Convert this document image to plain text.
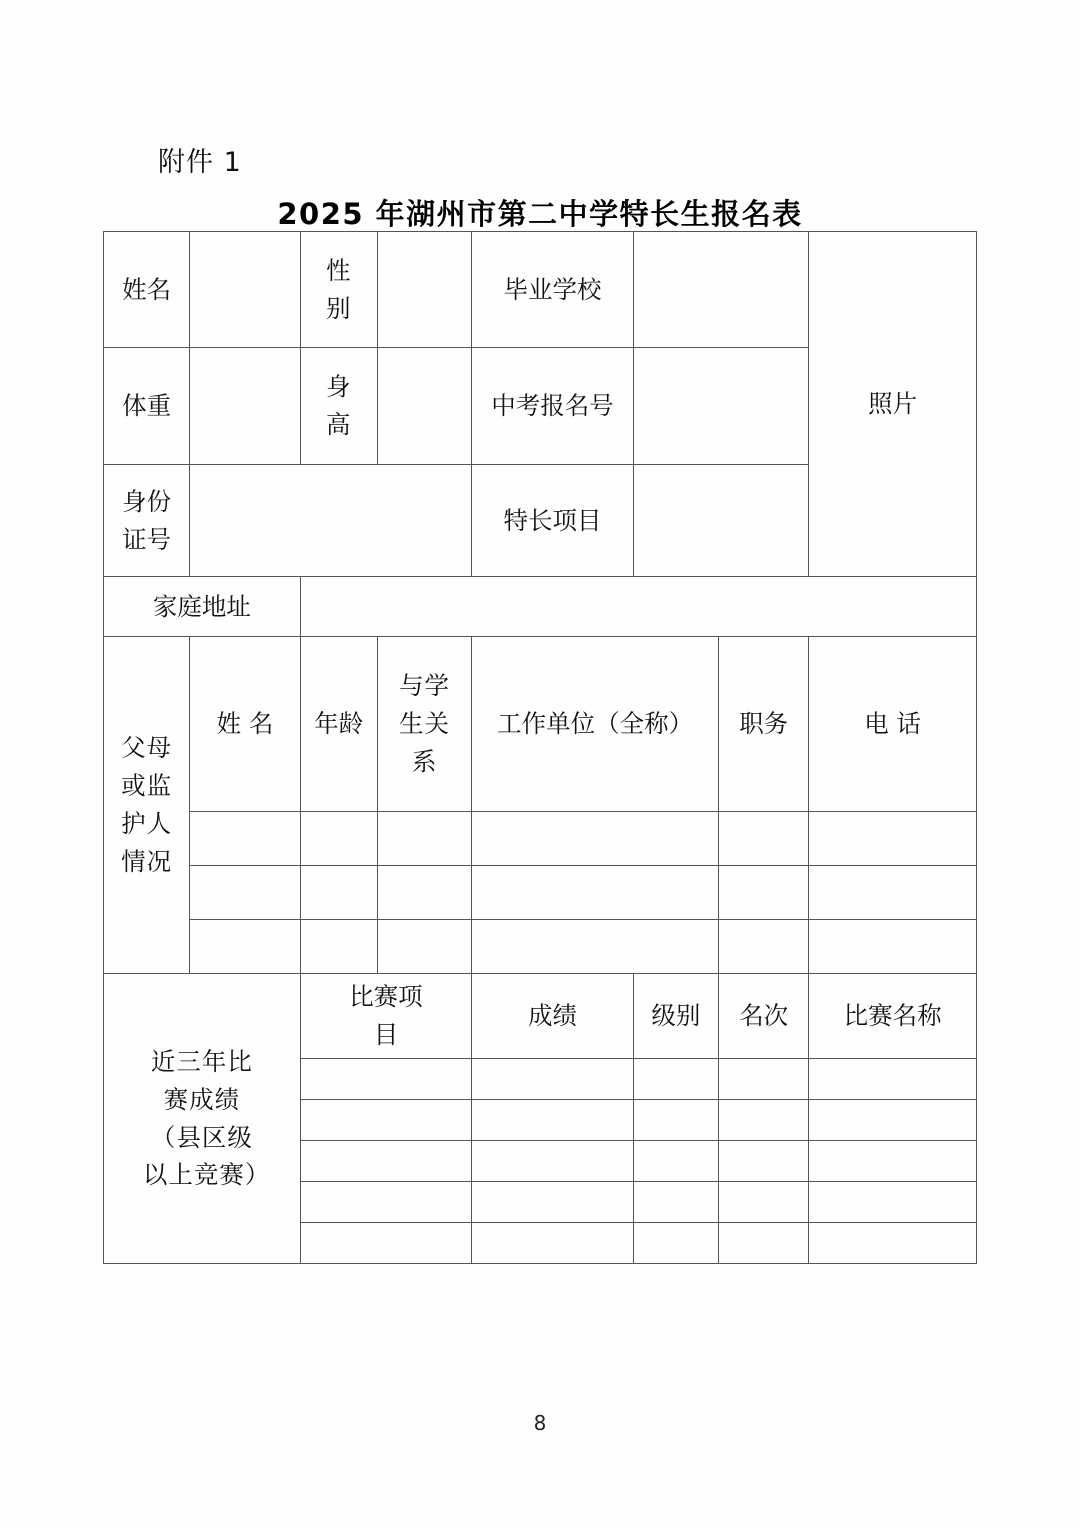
附件 1
2025 年湖州市第二中学特长生报名表
姓名		性别		毕业学校			照片
体重		身高		中考报名号			
身份证号				特长项目			
家庭地址							
父母或监护人情况	姓 名	年龄	与学生关系	工作单位（全称）		职务	电 话

近三年比赛成绩（县区级以上竞赛）		比赛项目		成绩	级别	名次	比赛名称

8
